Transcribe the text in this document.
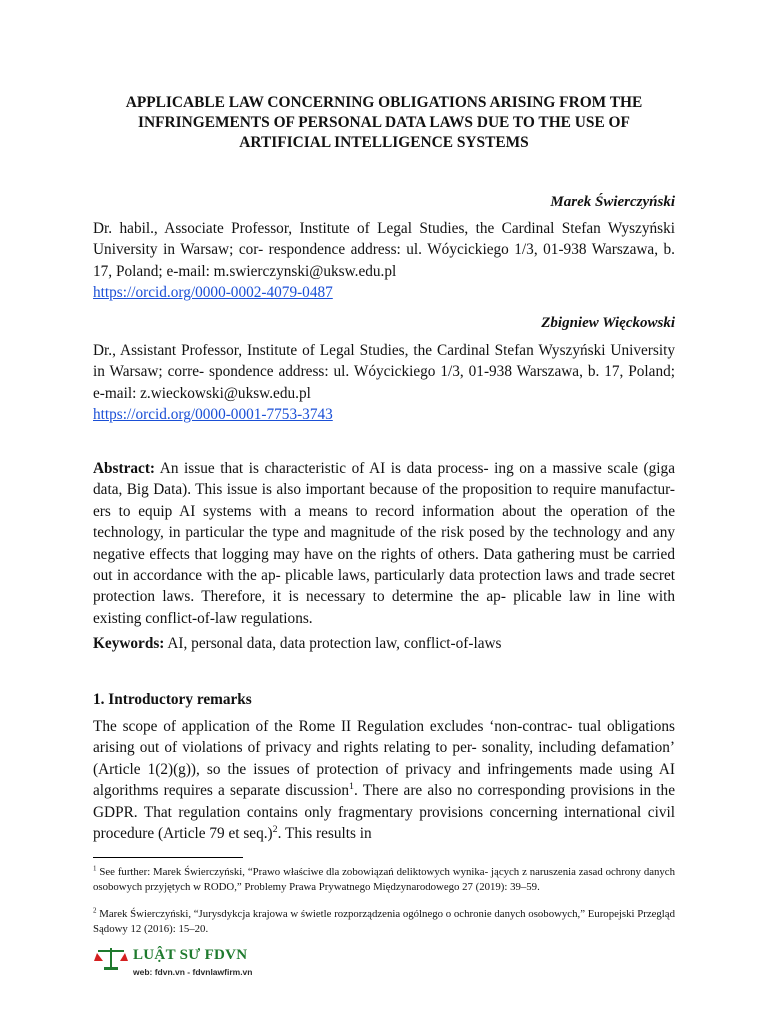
APPLICABLE LAW CONCERNING OBLIGATIONS ARISING FROM THE INFRINGEMENTS OF PERSONAL DATA LAWS DUE TO THE USE OF ARTIFICIAL INTELLIGENCE SYSTEMS
Marek Świerczyński
Dr. habil., Associate Professor, Institute of Legal Studies, the Cardinal Stefan Wyszyński University in Warsaw; cor- respondence address: ul. Wóycickiego 1/3, 01-938 Warszawa, b. 17, Poland; e-mail: m.swierczynski@uksw.edu.pl
https://orcid.org/0000-0002-4079-0487
Zbigniew Więckowski
Dr., Assistant Professor, Institute of Legal Studies, the Cardinal Stefan Wyszyński University in Warsaw; corre- spondence address: ul. Wóycickiego 1/3, 01-938 Warszawa, b. 17, Poland; e-mail: z.wieckowski@uksw.edu.pl
https://orcid.org/0000-0001-7753-3743
Abstract: An issue that is characteristic of AI is data process- ing on a massive scale (giga data, Big Data). This issue is also important because of the proposition to require manufactur- ers to equip AI systems with a means to record information about the operation of the technology, in particular the type and magnitude of the risk posed by the technology and any negative effects that logging may have on the rights of others. Data gathering must be carried out in accordance with the ap- plicable laws, particularly data protection laws and trade secret protection laws. Therefore, it is necessary to determine the ap- plicable law in line with existing conflict-of-law regulations.
Keywords: AI, personal data, data protection law, conflict-of-laws
1. Introductory remarks
The scope of application of the Rome II Regulation excludes ‘non-contrac- tual obligations arising out of violations of privacy and rights relating to per- sonality, including defamation’ (Article 1(2)(g)), so the issues of protection of privacy and infringements made using AI algorithms requires a separate discussion$^1$. There are also no corresponding provisions in the GDPR. That regulation contains only fragmentary provisions concerning international civil procedure (Article 79 et seq.)$^2$. This results in
$^1$ See further: Marek Świerczyński, “Prawo właściwe dla zobowiązań deliktowych wynika- jących z naruszenia zasad ochrony danych osobowych przyjętych w RODO,” Problemy Prawa Prywatnego Międzynarodowego 27 (2019): 39–59.
$^2$ Marek Świerczyński, “Jurysdykcja krajowa w świetle rozporządzenia ogólnego o ochronie danych osobowych,” Europejski Przegląd Sądowy 12 (2016): 15–20.
LUẬT SƯ FDVN
web: fdvn.vn - fdvnlawfirm.vn
